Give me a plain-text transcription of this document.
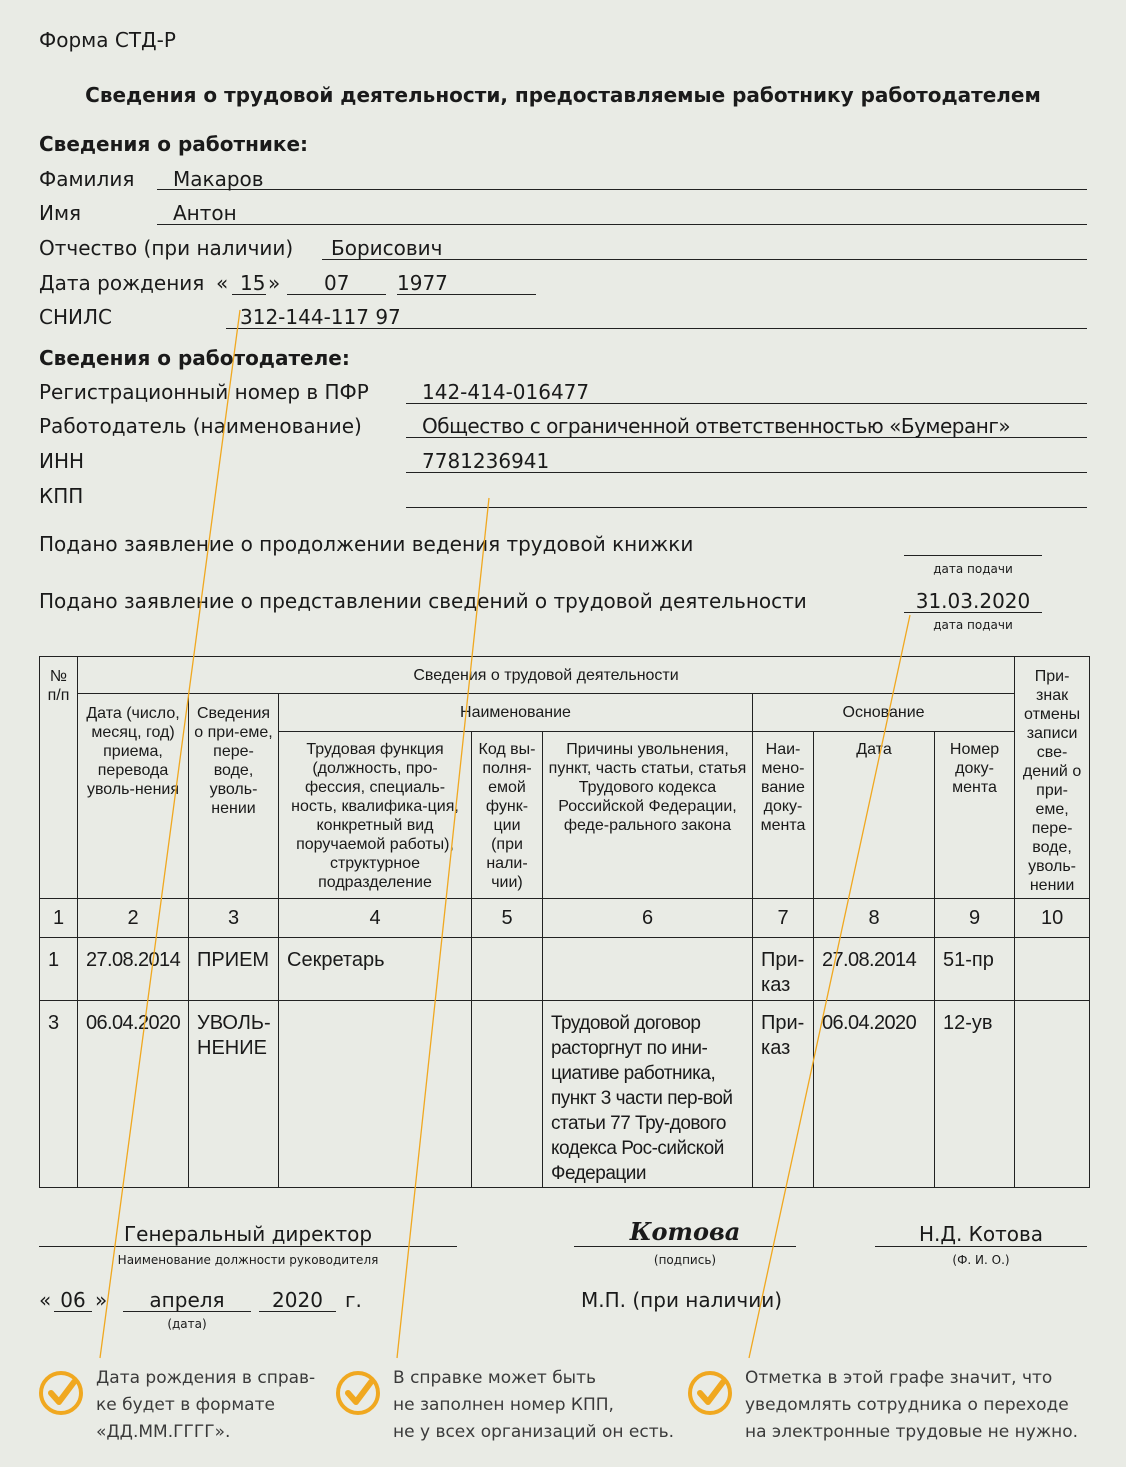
Форма СТД-Р
Сведения о трудовой деятельности, предоставляемые работнику работодателем
Сведения о работнике:
Фамилия Макаров
Имя	Антон
Отчество (при наличии) Борисович
Дата рождения « 15 » 07 1977
СНИЛС	312-144-117 97
Сведения о работодателе:
Регистрационный номер в ПФР	142-414-016477
Работодатель (наименование)	Общество с ограниченной ответственностью «Бумеранг»
ИНН	7781236941
КПП
Подано заявление о продолжении ведения трудовой книжки
дата подачи
Подано заявление о представлении сведений о трудовой деятельности	31.03.2020
дата подачи
№ п/п	Сведения о трудовой деятельности								При-знак отмены записи све-дений о при-еме, пере-воде, уволь-нении

	Дата (число, месяц, год) приема, перевода уволь-нения	Сведения о при-еме, пере-воде, уволь-нении	Наименование			Основание			

			Трудовая функция (должность, про-фессия, специаль-ность, квалифика-ция, конкретный вид поручаемой работы), структурное подразделение	Код вы-полня-емой функ-ции (при нали-чии)	Причины увольнения, пункт, часть статьи, статья Трудового кодекса Российской Федерации, феде-рального закона	Наи-мено-вание доку-мента	Дата	Номер доку-мента	

1	2	3	4	5	6	7	8	9	10
1	27.08.2014	ПРИЕМ	Секретарь			При-каз	27.08.2014	51-пр	
3	06.04.2020	УВОЛЬ-НЕНИЕ			Трудовой договор расторгнут по ини-циативе работника, пункт 3 части пер-вой статьи 77 Тру-дового кодекса Рос-сийской Федерации	При-каз	06.04.2020	12-ув	
Генеральный директор
Наименование должности руководителя
Котова
(подпись)
Н.Д. Котова
(Ф. И. О.)
« 06 »	апреля
(дата)
2020	г.	М.П. (при наличии)
Дата рождения в справ-
ке будет в формате
«ДД.ММ.ГГГГ».
В справке может быть
не заполнен номер КПП,
не у всех организаций он есть.
Отметка в этой графе значит, что
уведомлять сотрудника о переходе
на электронные трудовые не нужно.
